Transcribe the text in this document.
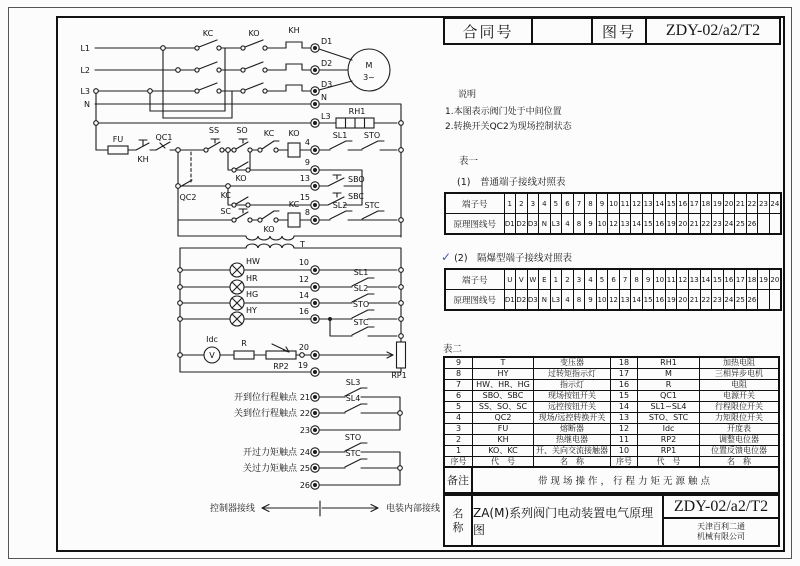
L1
L2
L3
N
KC	KO	KH
D1
D2
D3
M
3~
N
L3
RH1
FU
KH
QC1
SS SO KC KO
4
SL1 STO
KO
9
QC2
13	SBO
KC	15	SBC
SC
KO
KC
8
SL2 STC
T
HW
HR
HG
HY
10
12
14
16
SL1
SL2
STO
STC
Idc
V
R
RP2
20
RP1
19
开到位行程触点 21
SL3
关到位行程触点 22
SL4
23
开过力矩触点 24
STO
关过力矩触点 25
STC
26
控制器接线	电装内部接线
合同号	图号	ZDY-02/a2/T2
说明
1.本图表示阀门处于中间位置
2.转换开关QC2为现场控制状态
表一
(1)　普通端子接线对照表
端子号	1	2	3	4	5	6	7	8	9	10	11	12	13	14	15	16	17	18	19	20	21	22	23	24
原理图线号	D1	D2	D3	N	L3	4	8	9	10	12	13	14	15	16	19	20	21	22	23	24	25	26		
✓ (2)　隔爆型端子接线对照表
端子号	U	V	W	E	1	2	3	4	5	6	7	8	9	10	11	12	13	14	15	16	17	18	19	20
原理图线号	D1	D2	D3	N	L3	4	8	9	10	12	13	14	15	16	19	20	21	22	23	24	25	26		
表二
9	T	变压器	18	RH1	加热电阻
8	HY	过转矩指示灯	17	M	三相异步电机
7	HW、HR、HG	指示灯	16	R	电阻
6	SBO、SBC	现场按钮开关	15	QC1	电源开关
5	SS、SO、SC	远控按钮开关	14	SL1~SL4	行程限位开关
4	QC2	现场/远控转换开关	13	STO、STC	力矩限位开关
3	FU	熔断器	12	Idc	开度表
2	KH	热继电器	11	RP2	调整电位器
1	KO、KC	开、关向交流接触器	10	RP1	位置反馈电位器
序号	代　号	名　称	序号	代　号	名　称
备注	带现场操作，行程力矩无源触点
名称
ZA(M)系列阀门电动装置电气原理图
ZDY-02/a2/T2
天津百利二通
机械有限公司
